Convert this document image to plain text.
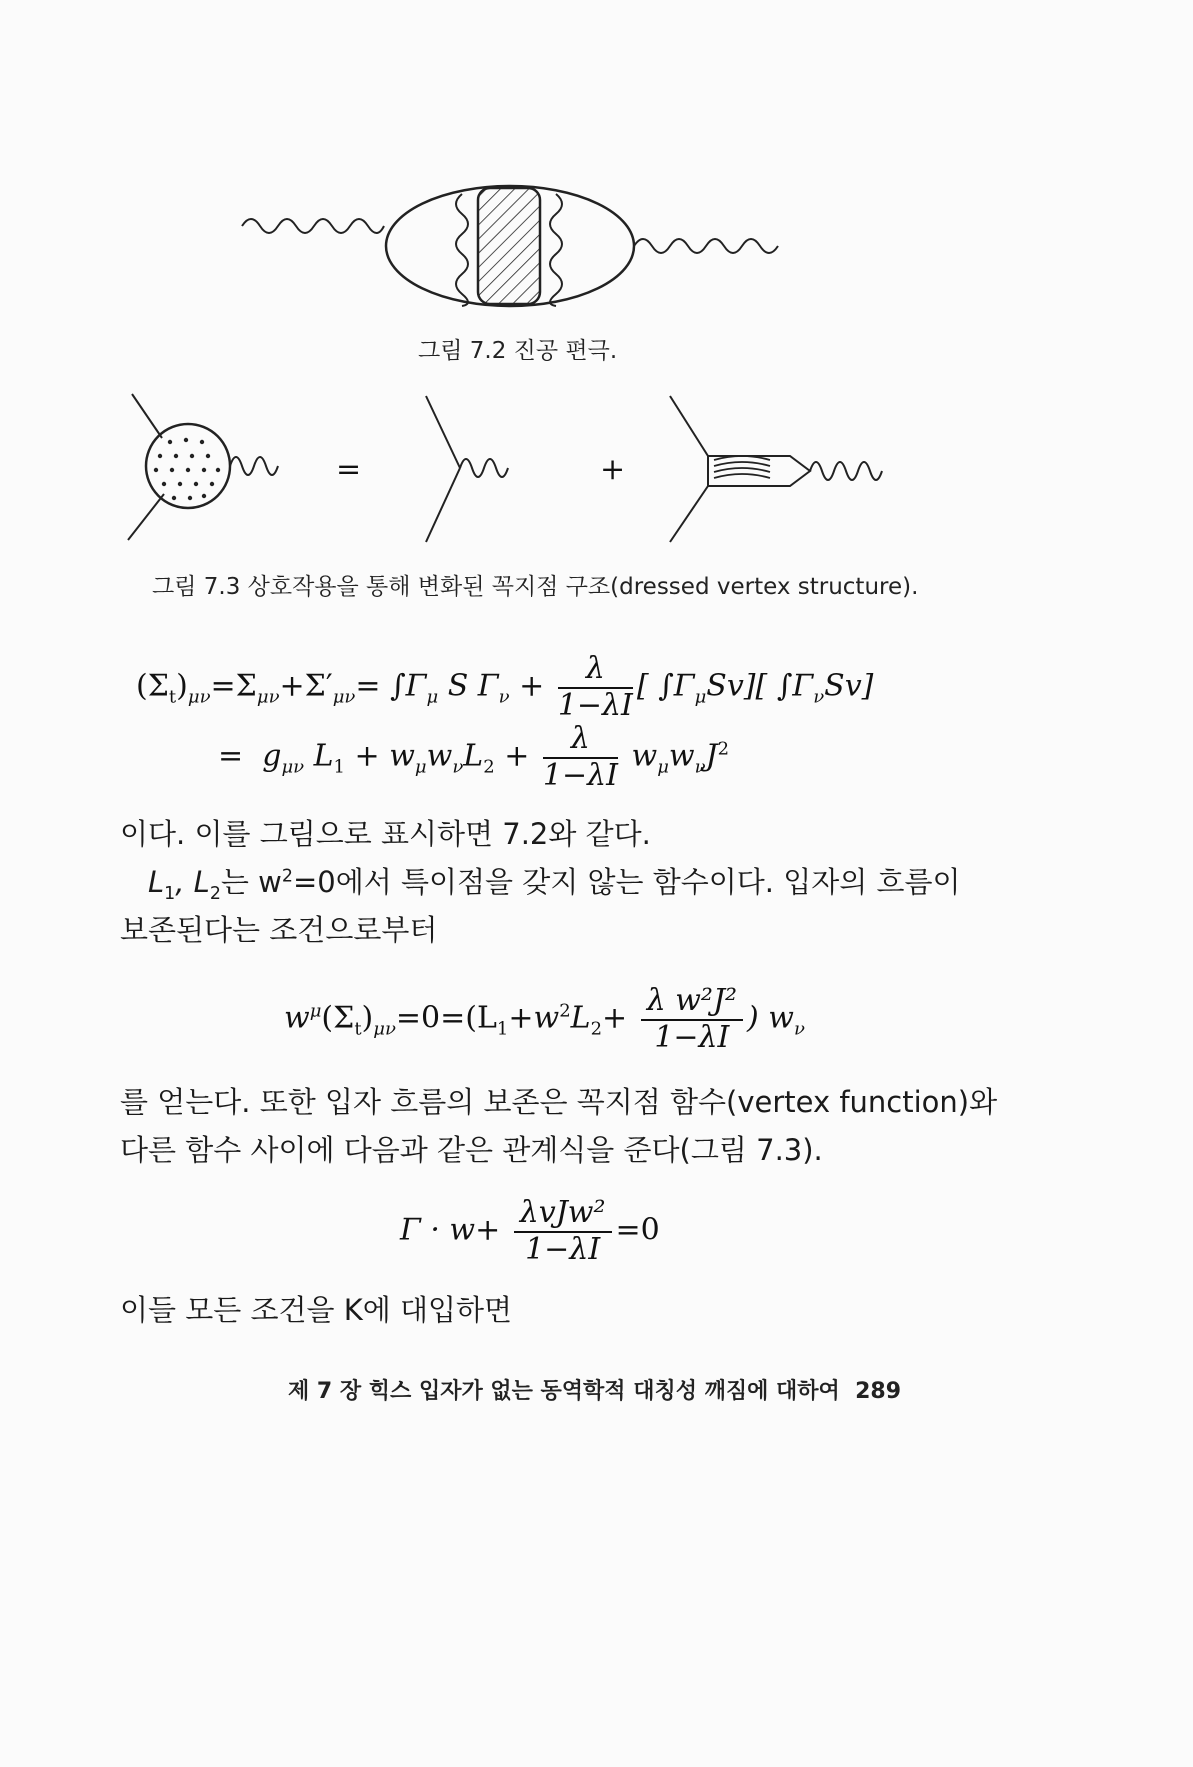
그림 7.2 진공 편극.
=	+
그림 7.3 상호작용을 통해 변화된 꼭지점 구조(dressed vertex structure).
$(\Sigma_t)_{\mu\nu}=\Sigma_{\mu\nu}+\Sigma'_{\mu\nu}= \int\Gamma_\mu$ S $\Gamma_\nu + \frac{\lambda}{1-\lambda I}$ [ $\int\Gamma_\mu Sv$][ $\int\Gamma_\nu Sv$]
= $g_{\mu\nu}$ $L_1 + w_\mu w_\nu L_2 + \frac{\lambda}{1-\lambda I} w_\mu w_\nu J^2$
이다. 이를 그림으로 표시하면 7.2와 같다.
$L_1$, $L_2$는 $w^2=0$에서 특이점을 갖지 않는 함수이다. 입자의 흐름이
보존된다는 조건으로부터
$w^\mu(\Sigma_t)_{\mu\nu}=0=(L_1+w^2L_2+ \frac{\text{λ w²J²}}{1-\lambda I}$ ) $w_\nu$
를 얻는다. 또한 입자 흐름의 보존은 꼭지점 함수(vertex function)와
다른 함수 사이에 다음과 같은 관계식을 준다(그림 7.3).
$\Gamma \cdot w+ \frac{\text{λvJw²}}{1-\lambda I} =0$
이들 모든 조건을 K에 대입하면
제 7 장 힉스 입자가 없는 동역학적 대칭성 깨짐에 대하여 289
